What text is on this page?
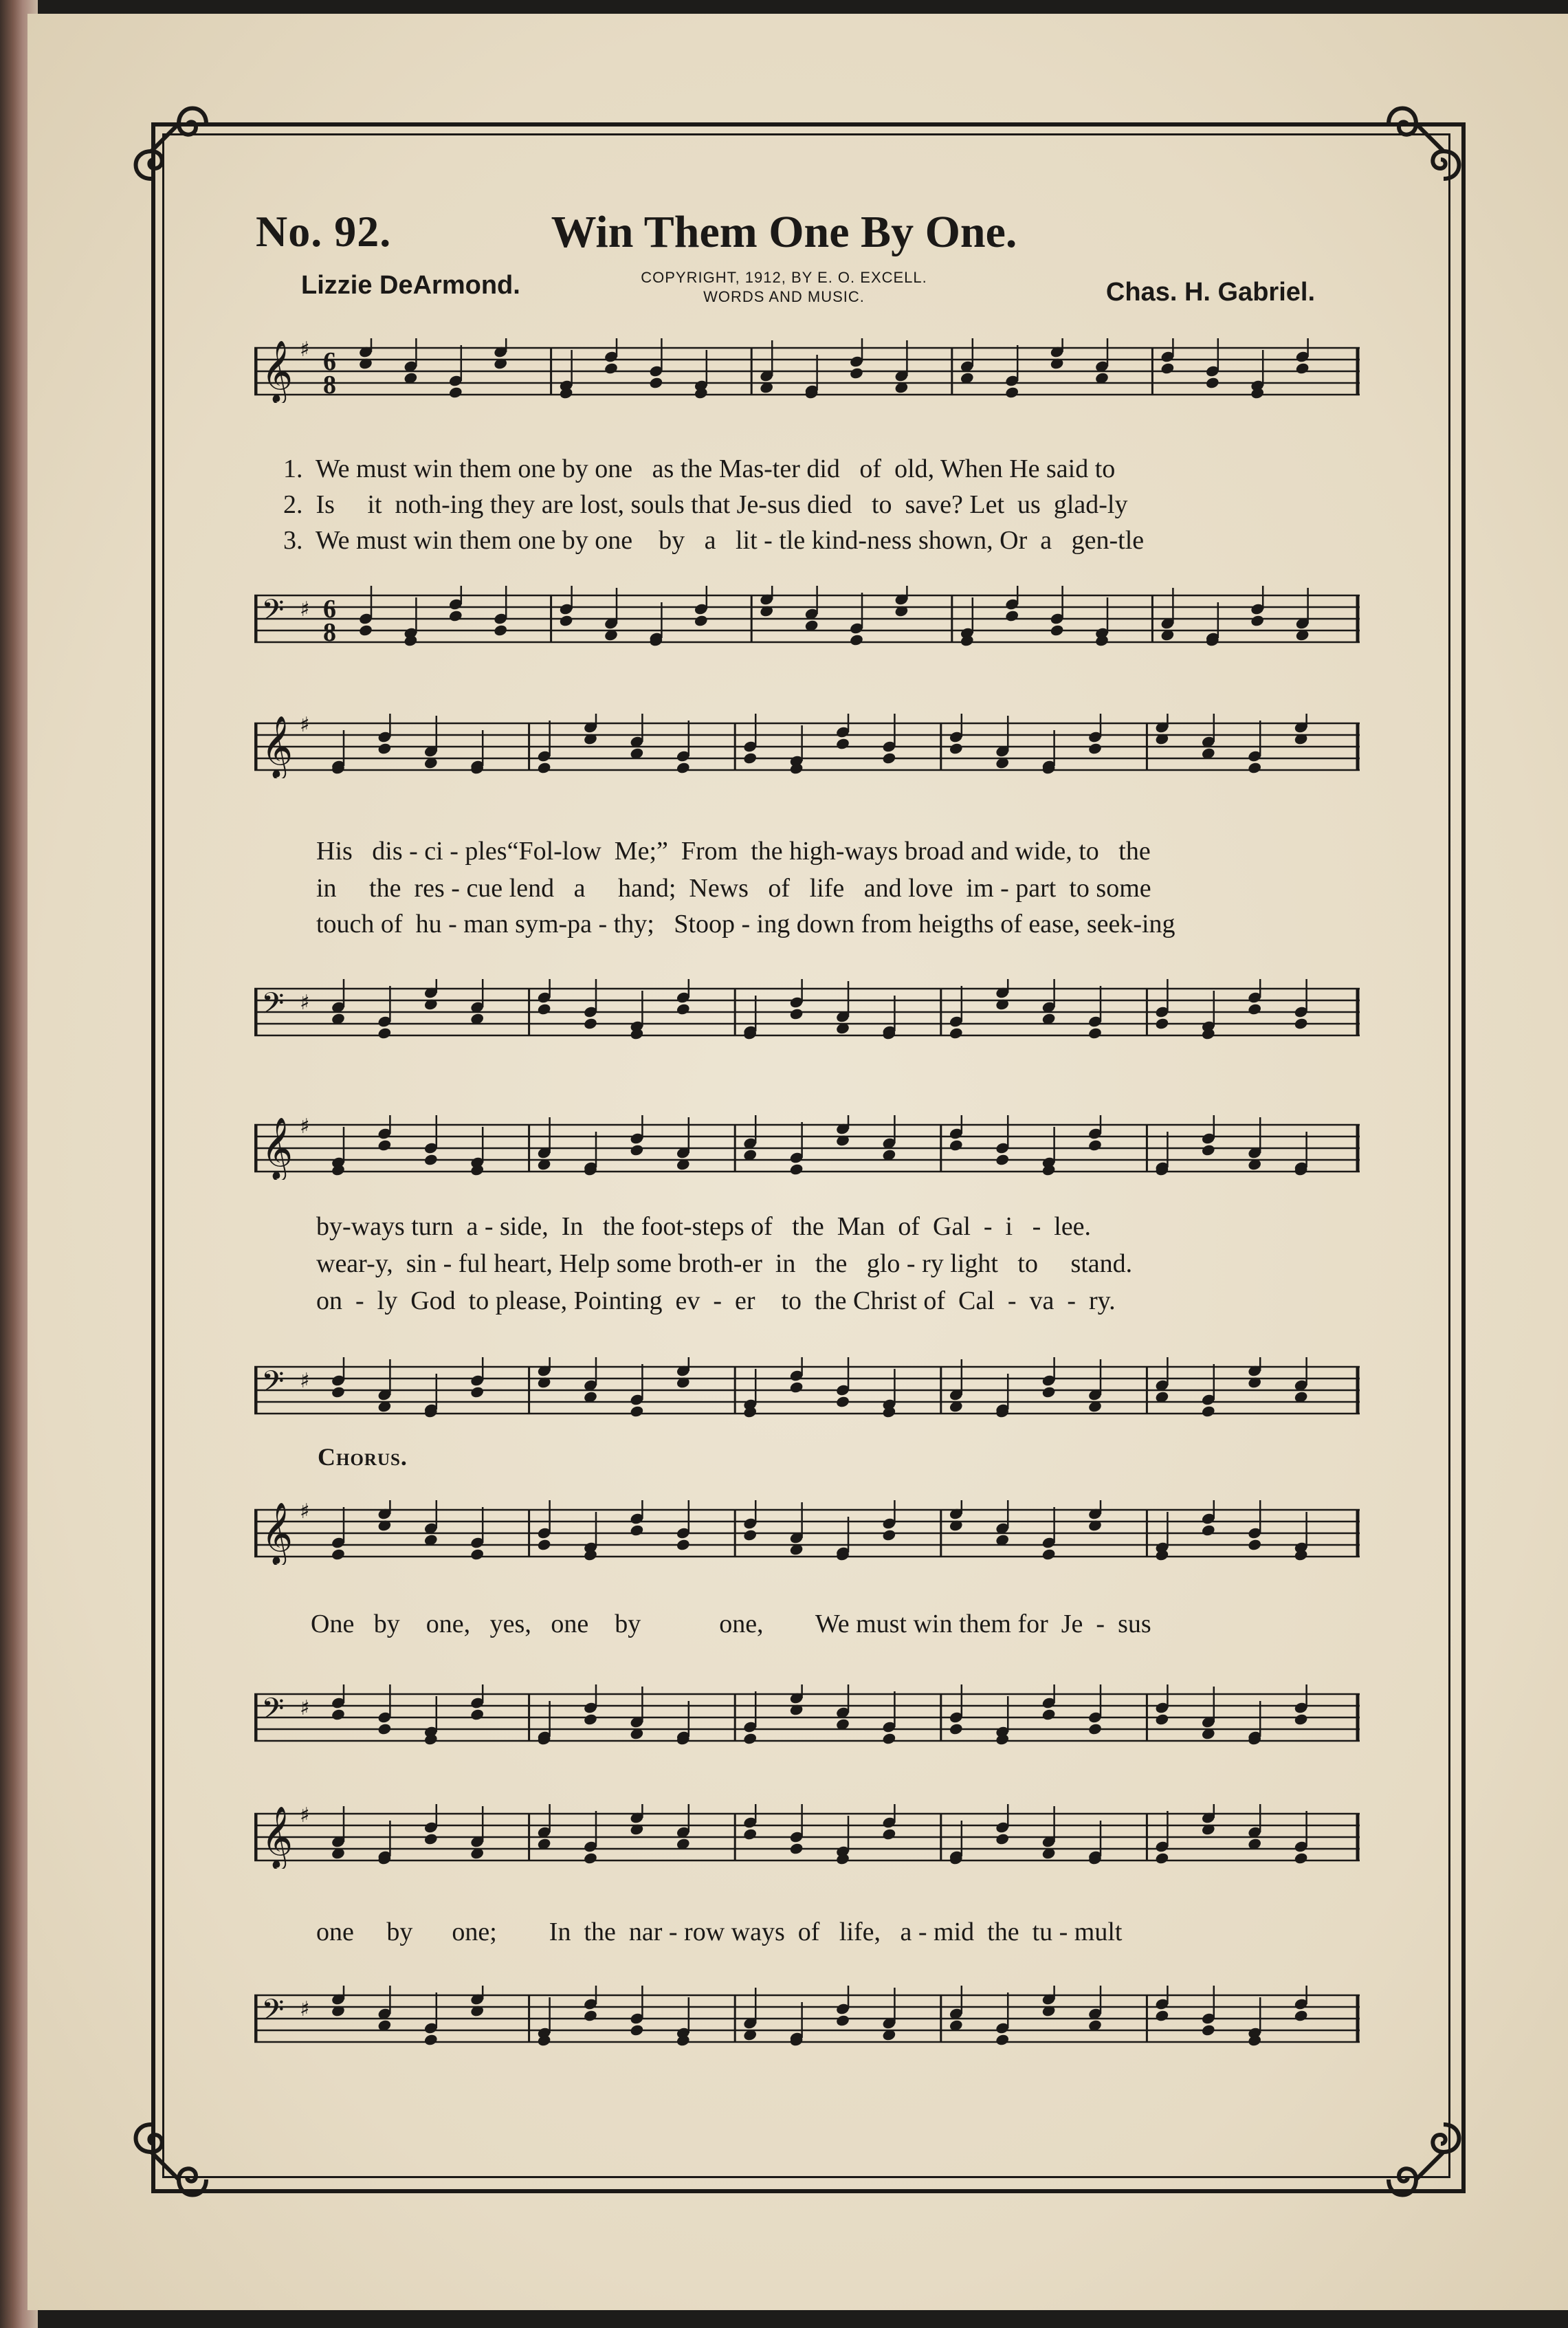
No. 92.	Win Them One By One.
Lizzie DeArmond.	COPYRIGHT, 1912, BY E. O. EXCELL.
WORDS AND MUSIC.	Chas. H. Gabriel.
𝄞 ♯ 6
8
𝄢 ♯ 6
8
𝄞 ♯
𝄢 ♯
𝄞 ♯
𝄢 ♯
𝄞 ♯
𝄢 ♯
𝄞 ♯
𝄢 ♯
1.  We must win them one by one   as the Mas-ter did   of  old, When He said to
2.  Is     it  noth-ing they are lost, souls that Je-sus died   to  save? Let  us  glad-ly
3.  We must win them one by one    by   a   lit - tle kind-ness shown, Or  a   gen-tle
His   dis - ci - ples“Fol-low  Me;”  From  the high-ways broad and wide, to   the
in     the  res - cue lend   a     hand;  News   of   life   and love  im - part  to some
touch of  hu - man sym-pa - thy;   Stoop - ing down from heigths of ease, seek-ing
by-ways turn  a - side,  In   the foot-steps of   the  Man  of  Gal  -  i   -  lee.
wear-y,  sin - ful heart, Help some broth-er  in   the   glo - ry light   to     stand.
on  -  ly  God  to please, Pointing  ev  -  er    to  the Christ of  Cal  -  va  -  ry.
Chorus.
One   by    one,   yes,   one    by            one,        We must win them for  Je  -  sus
one     by      one;        In  the  nar - row ways  of   life,   a - mid  the  tu - mult
